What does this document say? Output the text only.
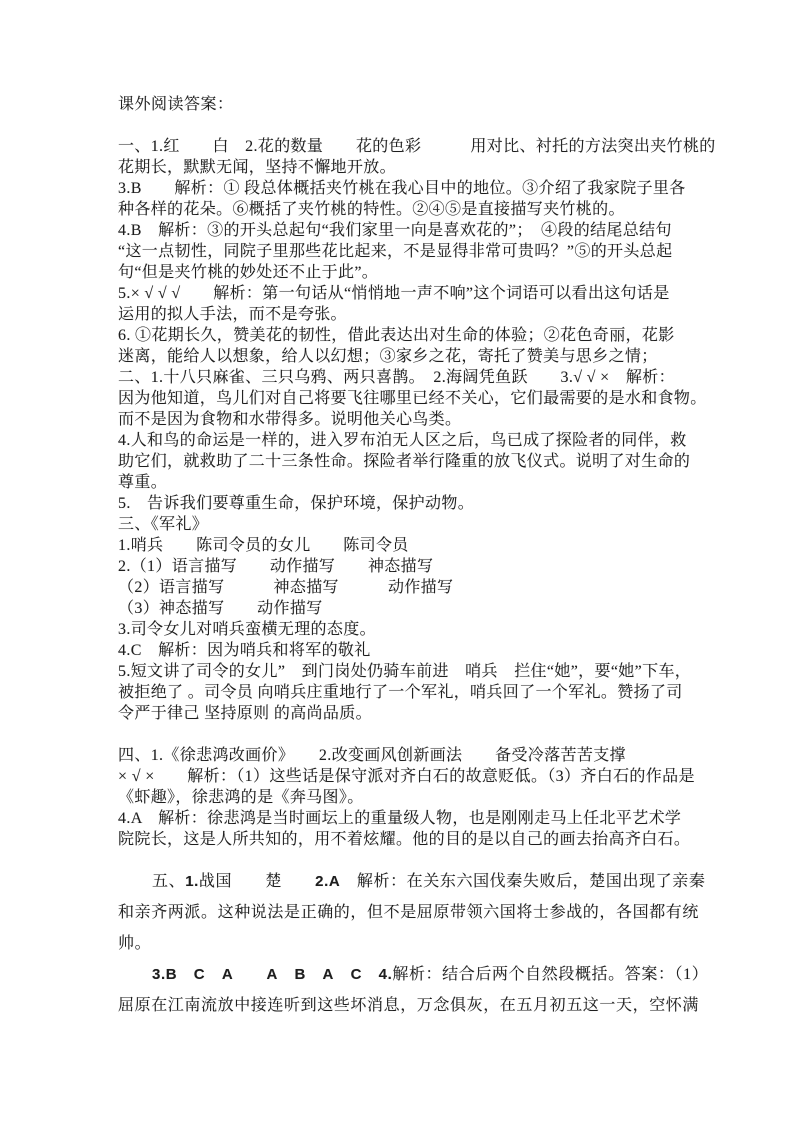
课外阅读答案：
一、1.红　　白　2.花的数量　　花的色彩　　　用对比、衬托的方法突出夹竹桃的
花期长，默默无闻，坚持不懈地开放。
3.B　　解析：① 段总体概括夹竹桃在我心目中的地位。③介绍了我家院子里各
种各样的花朵。⑥概括了夹竹桃的特性。②④⑤是直接描写夹竹桃的。
4.B　解析：③的开头总起句“我们家里一向是喜欢花的”；　④段的结尾总结句
“这一点韧性，同院子里那些花比起来，不是显得非常可贵吗？”⑤的开头总起
句“但是夹竹桃的妙处还不止于此”。
5.× √ √ √　　解析：第一句话从“悄悄地一声不响”这个词语可以看出这句话是
运用的拟人手法，而不是夸张。
6. ①花期长久，赞美花的韧性，借此表达出对生命的体验；②花色奇丽，花影
迷离，能给人以想象，给人以幻想；③家乡之花，寄托了赞美与思乡之情；
二、1.十八只麻雀、三只乌鸦、两只喜鹊。　2.海阔凭鱼跃　　3.√ √ ×　解析：
因为他知道，鸟儿们对自己将要飞往哪里已经不关心，它们最需要的是水和食物。
而不是因为食物和水带得多。说明他关心鸟类。
4.人和鸟的命运是一样的，进入罗布泊无人区之后，鸟已成了探险者的同伴，救
助它们，就救助了二十三条性命。探险者举行隆重的放飞仪式。说明了对生命的
尊重。
5.　告诉我们要尊重生命，保护环境，保护动物。
三、《军礼》
1.哨兵　　陈司令员的女儿　　陈司令员
2.（1）语言描写　　动作描写　　神态描写
（2）语言描写　　　神态描写　　　动作描写
（3）神态描写　　动作描写
3.司令女儿对哨兵蛮横无理的态度。
4.C　解析：因为哨兵和将军的敬礼
5.短文讲了司令的女儿”　到门岗处仍骑车前进　哨兵　拦住“她”，要“她”下车，
被拒绝了 。司令员 向哨兵庄重地行了一个军礼，哨兵回了一个军礼。赞扬了司
令严于律己 坚持原则 的高尚品质。
四、1.《徐悲鸿改画价》　　2.改变画风创新画法　　备受冷落苦苦支撑
× √ ×　　解析：（1）这些话是保守派对齐白石的故意贬低。（3）齐白石的作品是
《虾趣》，徐悲鸿的是《奔马图》。
4.A　解析：徐悲鸿是当时画坛上的重量级人物，也是刚刚走马上任北平艺术学
院院长，这是人所共知的，用不着炫耀。他的目的是以自己的画去抬高齐白石。
五、1.战国　　楚　　2.A　解析：在关东六国伐秦失败后，楚国出现了亲秦
和亲齐两派。这种说法是正确的，但不是屈原带领六国将士参战的，各国都有统
帅。
3.B　 C　 A　　 A　 B　 A　 C　 4.解析：结合后两个自然段概括。答案：（1）
屈原在江南流放中接连听到这些坏消息，万念俱灰，在五月初五这一天，空怀满
